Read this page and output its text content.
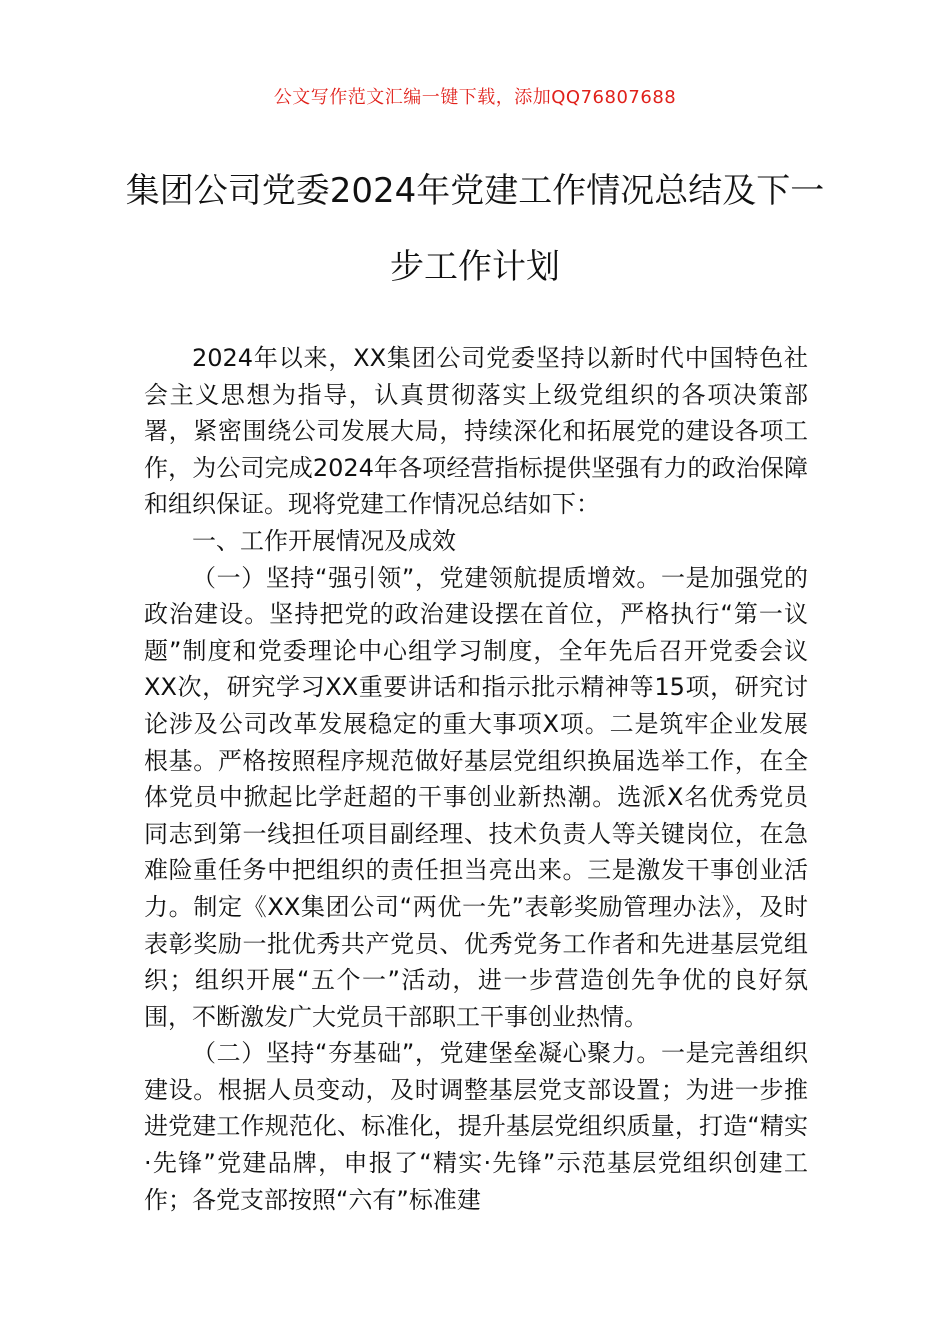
公文写作范文汇编一键下载，添加QQ76807688
集团公司党委2024年党建工作情况总结及下一步工作计划

2024年以来，XX集团公司党委坚持以新时代中国特色社会主义思想为指导，认真贯彻落实上级党组织的各项决策部署，紧密围绕公司发展大局，持续深化和拓展党的建设各项工作，为公司完成2024年各项经营指标提供坚强有力的政治保障和组织保证。现将党建工作情况总结如下：

一、工作开展情况及成效

（一）坚持“强引领”，党建领航提质增效。一是加强党的政治建设。坚持把党的政治建设摆在首位，严格执行“第一议题”制度和党委理论中心组学习制度，全年先后召开党委会议XX次，研究学习XX重要讲话和指示批示精神等15项，研究讨论涉及公司改革发展稳定的重大事项X项。二是筑牢企业发展根基。严格按照程序规范做好基层党组织换届选举工作，在全体党员中掀起比学赶超的干事创业新热潮。选派X名优秀党员同志到第一线担任项目副经理、技术负责人等关键岗位，在急难险重任务中把组织的责任担当亮出来。三是激发干事创业活力。制定《XX集团公司“两优一先”表彰奖励管理办法》，及时表彰奖励一批优秀共产党员、优秀党务工作者和先进基层党组织；组织开展“五个一”活动，进一步营造创先争优的良好氛围，不断激发广大党员干部职工干事创业热情。

（二）坚持“夯基础”，党建堡垒凝心聚力。一是完善组织建设。根据人员变动，及时调整基层党支部设置；为进一步推进党建工作规范化、标准化，提升基层党组织质量，打造“精实·先锋”党建品牌，申报了“精实·先锋”示范基层党组织创建工作；各党支部按照“六有”标准建
